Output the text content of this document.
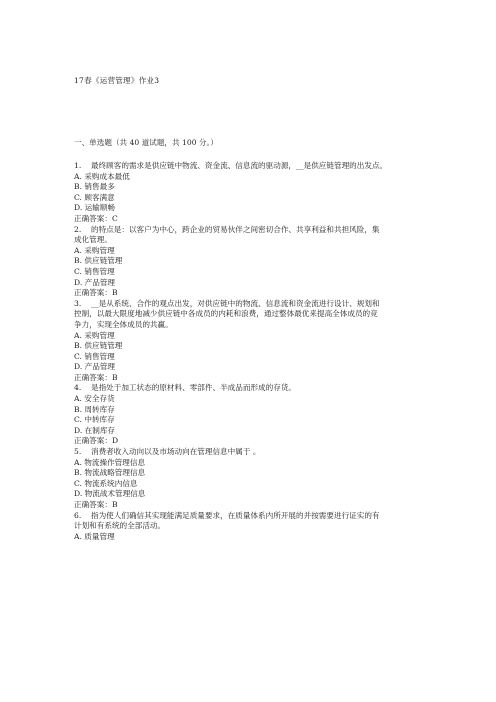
17春《运营管理》作业3
一、单选题（共 40 道试题，共 100 分。）
1. 最终顾客的需求是供应链中物流、资金流、信息流的驱动源，__是供应链管理的出发点。
A. 采购成本最低
B. 销售最多
C. 顾客满意
D. 运输顺畅
正确答案：C
2. 的特点是：以客户为中心，跨企业的贸易伙伴之间密切合作、共享利益和共担风险，集
成化管理。
A. 采购管理
B. 供应链管理
C. 销售管理
D. 产品管理
正确答案：B
3. __是从系统、合作的观点出发，对供应链中的物流、信息流和资金流进行设计、规划和
控制，以最大限度地减少供应链中各成员的内耗和浪费，通过整体最优来提高全体成员的竞
争力，实现全体成员的共赢。
A. 采购管理
B. 供应链管理
C. 销售管理
D. 产品管理
正确答案：B
4. 是指处于加工状态的原材料、零部件、半成品而形成的存货。
A. 安全存货
B. 周转库存
C. 中转库存
D. 在制库存
正确答案：D
5. 消费者收入动向以及市场动向在管理信息中属于 。
A. 物流操作管理信息
B. 物流战略管理信息
C. 物流系统内信息
D. 物流战术管理信息
正确答案：B
6. 指为使人们确信其实现能满足质量要求，在质量体系内所开展的并按需要进行证实的有
计划和有系统的全部活动。
A. 质量管理
